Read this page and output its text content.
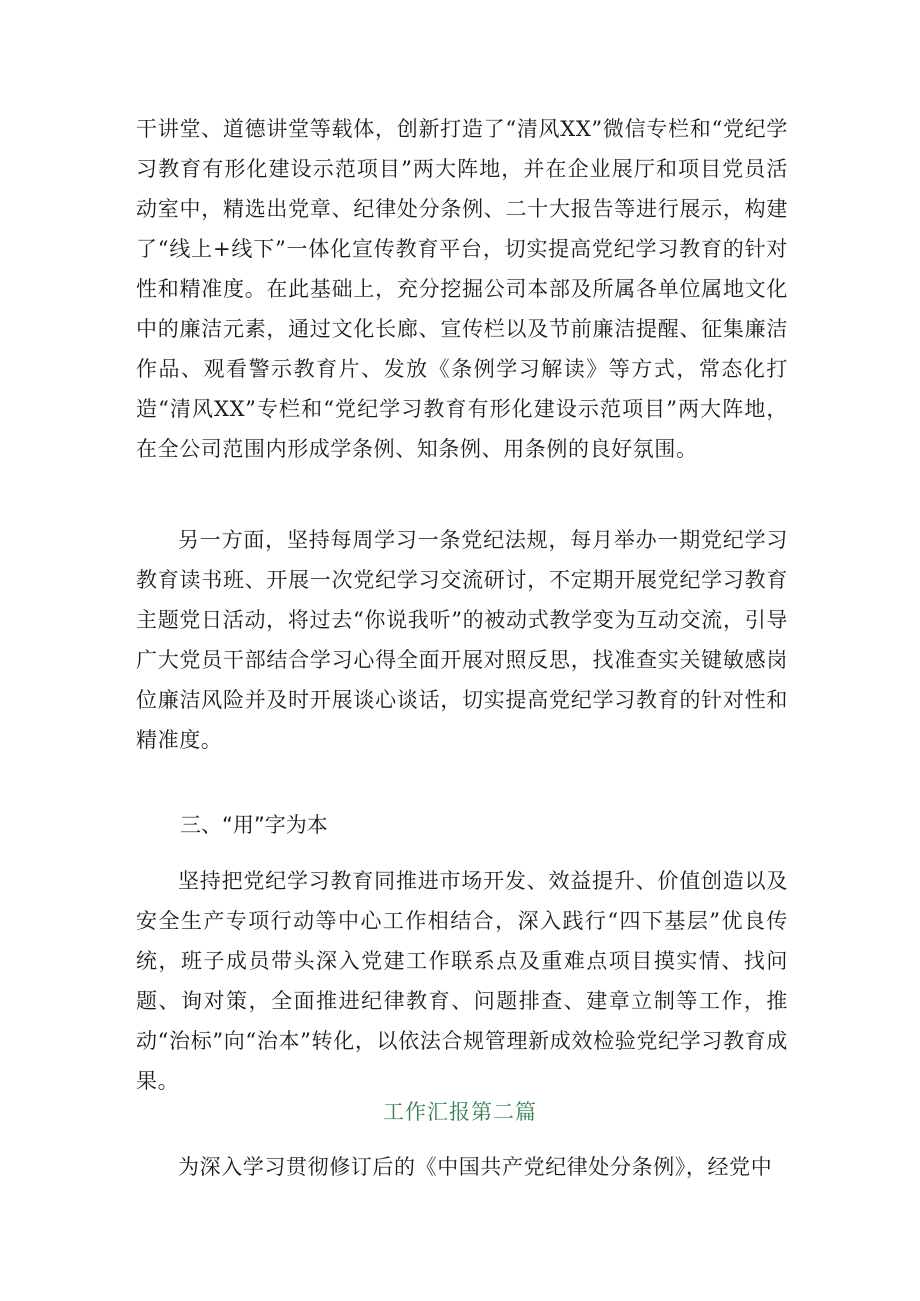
干讲堂、道德讲堂等载体，创新打造了“清风XX”微信专栏和“党纪学习教育有形化建设示范项目”两大阵地，并在企业展厅和项目党员活动室中，精选出党章、纪律处分条例、二十大报告等进行展示，构建了“线上+线下”一体化宣传教育平台，切实提高党纪学习教育的针对性和精准度。在此基础上，充分挖掘公司本部及所属各单位属地文化中的廉洁元素，通过文化长廊、宣传栏以及节前廉洁提醒、征集廉洁作品、观看警示教育片、发放《条例学习解读》等方式，常态化打造“清风XX”专栏和“党纪学习教育有形化建设示范项目”两大阵地，在全公司范围内形成学条例、知条例、用条例的良好氛围。

另一方面，坚持每周学习一条党纪法规，每月举办一期党纪学习教育读书班、开展一次党纪学习交流研讨，不定期开展党纪学习教育主题党日活动，将过去“你说我听”的被动式教学变为互动交流，引导广大党员干部结合学习心得全面开展对照反思，找准查实关键敏感岗位廉洁风险并及时开展谈心谈话，切实提高党纪学习教育的针对性和精准度。

三、“用”字为本

坚持把党纪学习教育同推进市场开发、效益提升、价值创造以及安全生产专项行动等中心工作相结合，深入践行“四下基层”优良传统，班子成员带头深入党建工作联系点及重难点项目摸实情、找问题、询对策，全面推进纪律教育、问题排查、建章立制等工作，推动“治标”向“治本”转化，以依法合规管理新成效检验党纪学习教育成果。

工作汇报第二篇

为深入学习贯彻修订后的《中国共产党纪律处分条例》，经党中
